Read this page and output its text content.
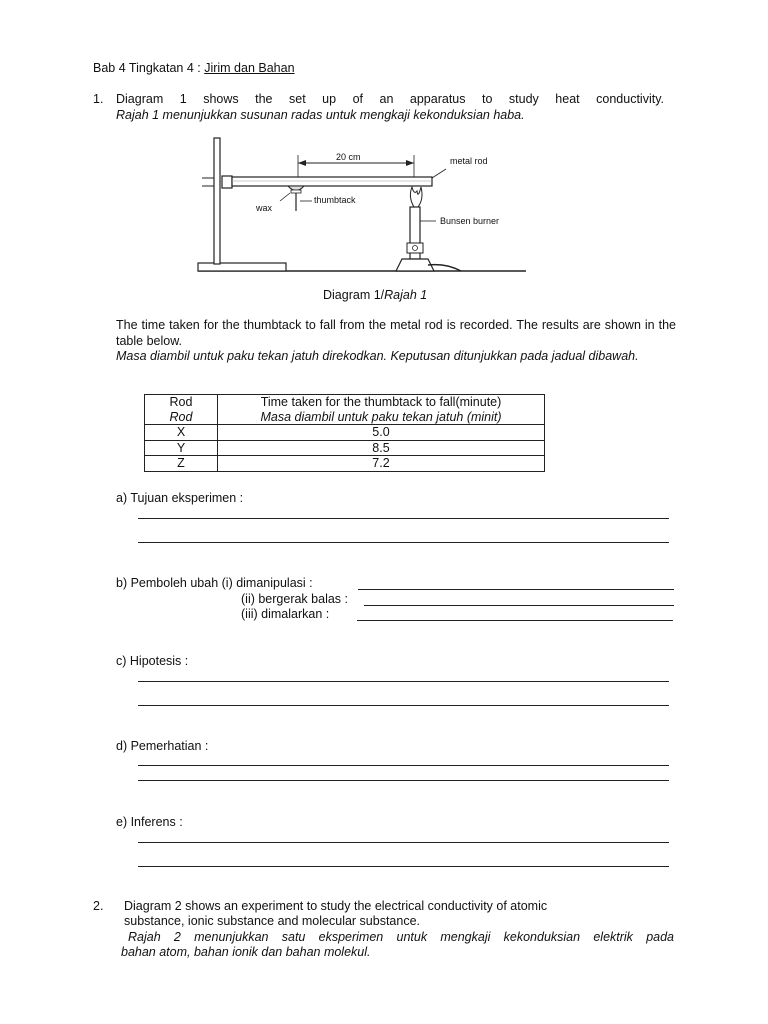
Bab 4 Tingkatan 4 : Jirim dan Bahan
1. Diagram 1 shows the set up of an apparatus to study heat conductivity.
Rajah 1 menunjukkan susunan radas untuk mengkaji kekonduksian haba.
20 cm	metal rod
wax
thumbtack
Bunsen burner
Diagram 1/Rajah 1
The time taken for the thumbtack to fall from the metal rod is recorded. The results are shown in the table below.
Masa diambil untuk paku tekan jatuh direkodkan. Keputusan ditunjukkan pada jadual dibawah.
Rod	Time taken for the thumbtack to fall(minute)
Rod	Masa diambil untuk paku tekan jatuh (minit)
X	5.0
Y	8.5
Z	7.2
a) Tujuan eksperimen :
b) Pemboleh ubah (i) dimanipulasi :
(ii) bergerak balas :
(iii) dimalarkan :
c) Hipotesis :
d) Pemerhatian :
e) Inferens :
2. Diagram 2 shows an experiment to study the electrical conductivity of atomic
substance, ionic substance and molecular substance.
Rajah 2 menunjukkan satu eksperimen untuk mengkaji kekonduksian elektrik pada
bahan atom, bahan ionik dan bahan molekul.
